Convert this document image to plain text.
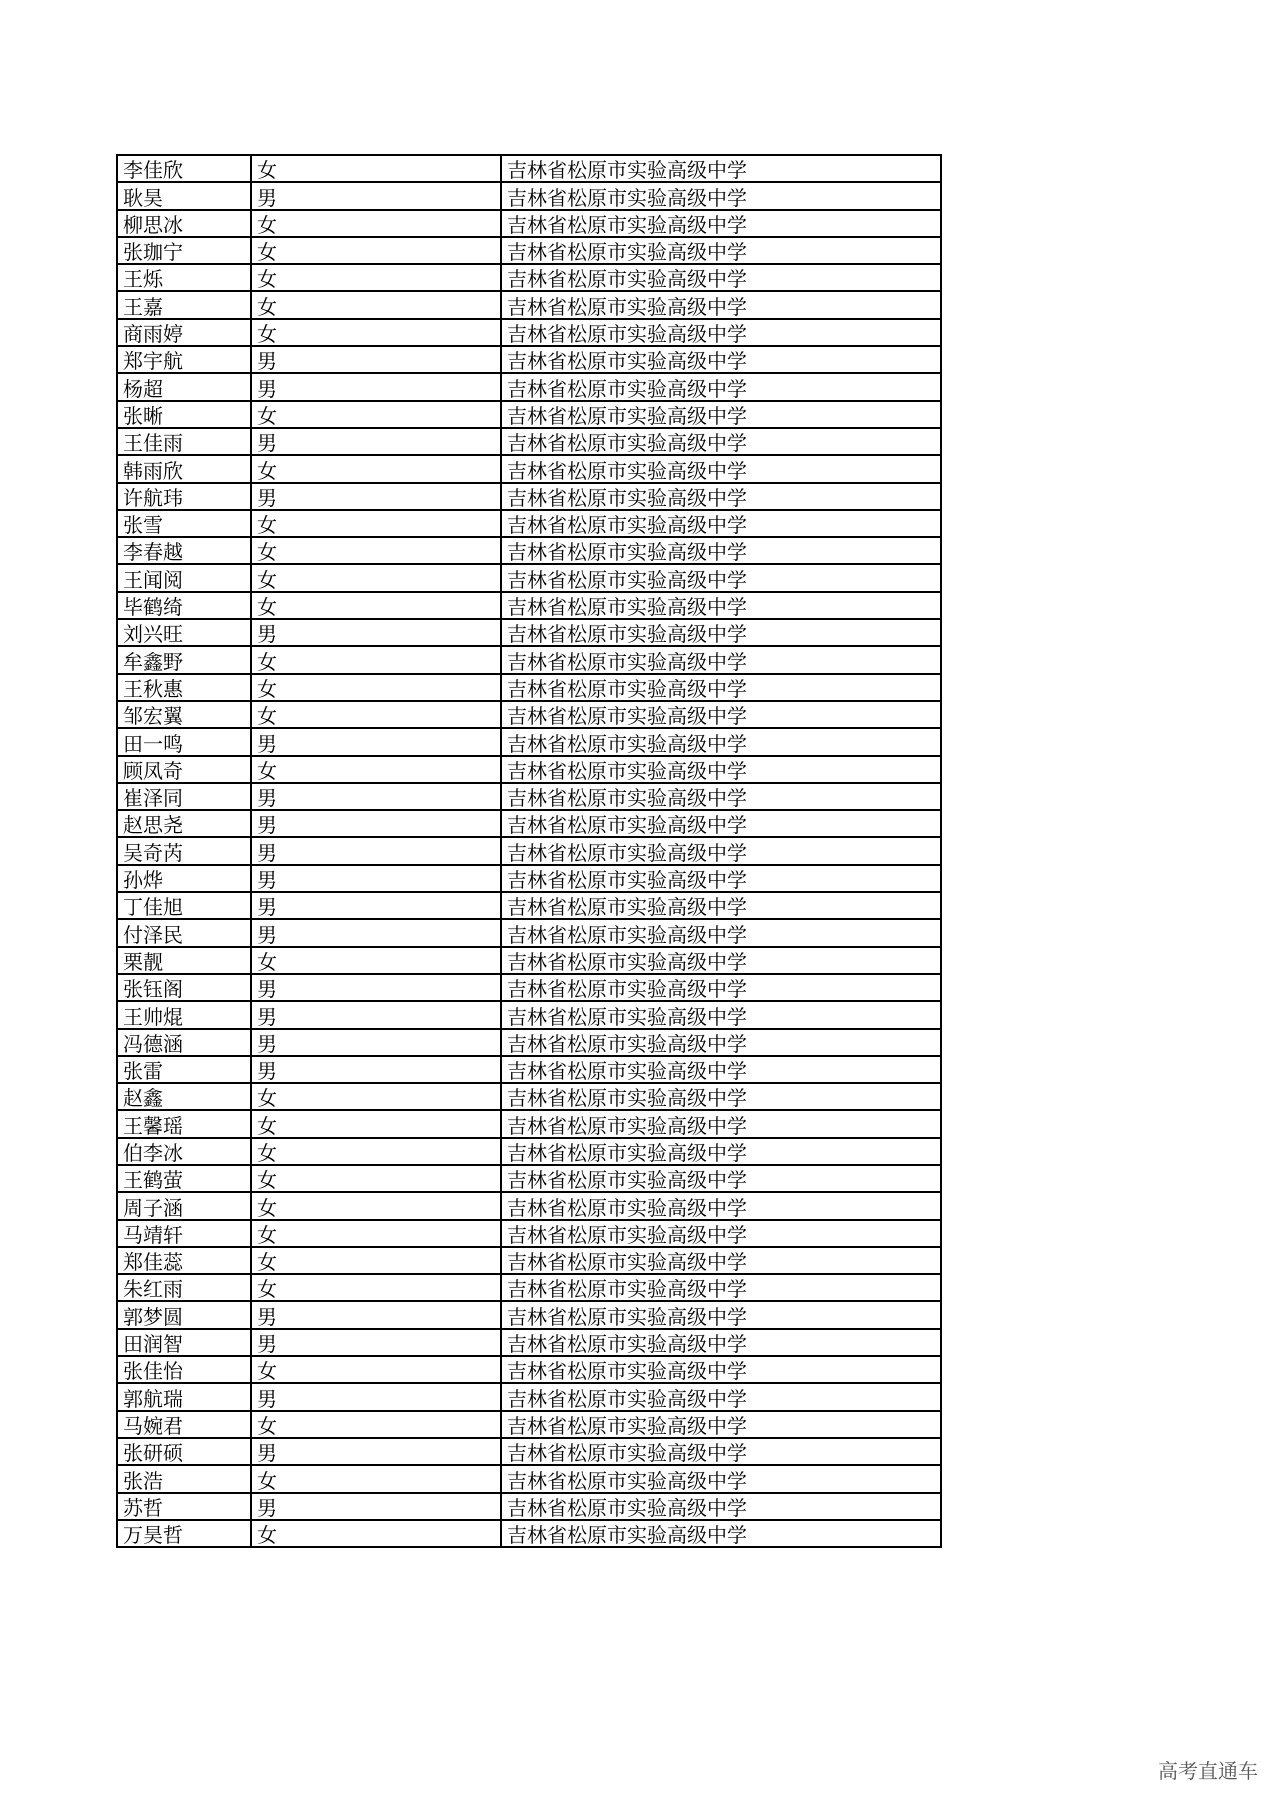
李佳欣	女	吉林省松原市实验高级中学
耿昊	男	吉林省松原市实验高级中学
柳思冰	女	吉林省松原市实验高级中学
张珈宁	女	吉林省松原市实验高级中学
王烁	女	吉林省松原市实验高级中学
王嘉	女	吉林省松原市实验高级中学
商雨婷	女	吉林省松原市实验高级中学
郑宇航	男	吉林省松原市实验高级中学
杨超	男	吉林省松原市实验高级中学
张晰	女	吉林省松原市实验高级中学
王佳雨	男	吉林省松原市实验高级中学
韩雨欣	女	吉林省松原市实验高级中学
许航玮	男	吉林省松原市实验高级中学
张雪	女	吉林省松原市实验高级中学
李春越	女	吉林省松原市实验高级中学
王闻阅	女	吉林省松原市实验高级中学
毕鹤绮	女	吉林省松原市实验高级中学
刘兴旺	男	吉林省松原市实验高级中学
牟鑫野	女	吉林省松原市实验高级中学
王秋惠	女	吉林省松原市实验高级中学
邹宏翼	女	吉林省松原市实验高级中学
田一鸣	男	吉林省松原市实验高级中学
顾凤奇	女	吉林省松原市实验高级中学
崔泽同	男	吉林省松原市实验高级中学
赵思尧	男	吉林省松原市实验高级中学
吴奇芮	男	吉林省松原市实验高级中学
孙烨	男	吉林省松原市实验高级中学
丁佳旭	男	吉林省松原市实验高级中学
付泽民	男	吉林省松原市实验高级中学
栗靓	女	吉林省松原市实验高级中学
张钰阁	男	吉林省松原市实验高级中学
王帅焜	男	吉林省松原市实验高级中学
冯德涵	男	吉林省松原市实验高级中学
张雷	男	吉林省松原市实验高级中学
赵鑫	女	吉林省松原市实验高级中学
王馨瑶	女	吉林省松原市实验高级中学
伯李冰	女	吉林省松原市实验高级中学
王鹤萤	女	吉林省松原市实验高级中学
周子涵	女	吉林省松原市实验高级中学
马靖轩	女	吉林省松原市实验高级中学
郑佳蕊	女	吉林省松原市实验高级中学
朱红雨	女	吉林省松原市实验高级中学
郭梦圆	男	吉林省松原市实验高级中学
田润智	男	吉林省松原市实验高级中学
张佳怡	女	吉林省松原市实验高级中学
郭航瑞	男	吉林省松原市实验高级中学
马婉君	女	吉林省松原市实验高级中学
张研硕	男	吉林省松原市实验高级中学
张浩	女	吉林省松原市实验高级中学
苏哲	男	吉林省松原市实验高级中学
万昊哲	女	吉林省松原市实验高级中学
高考直通车
